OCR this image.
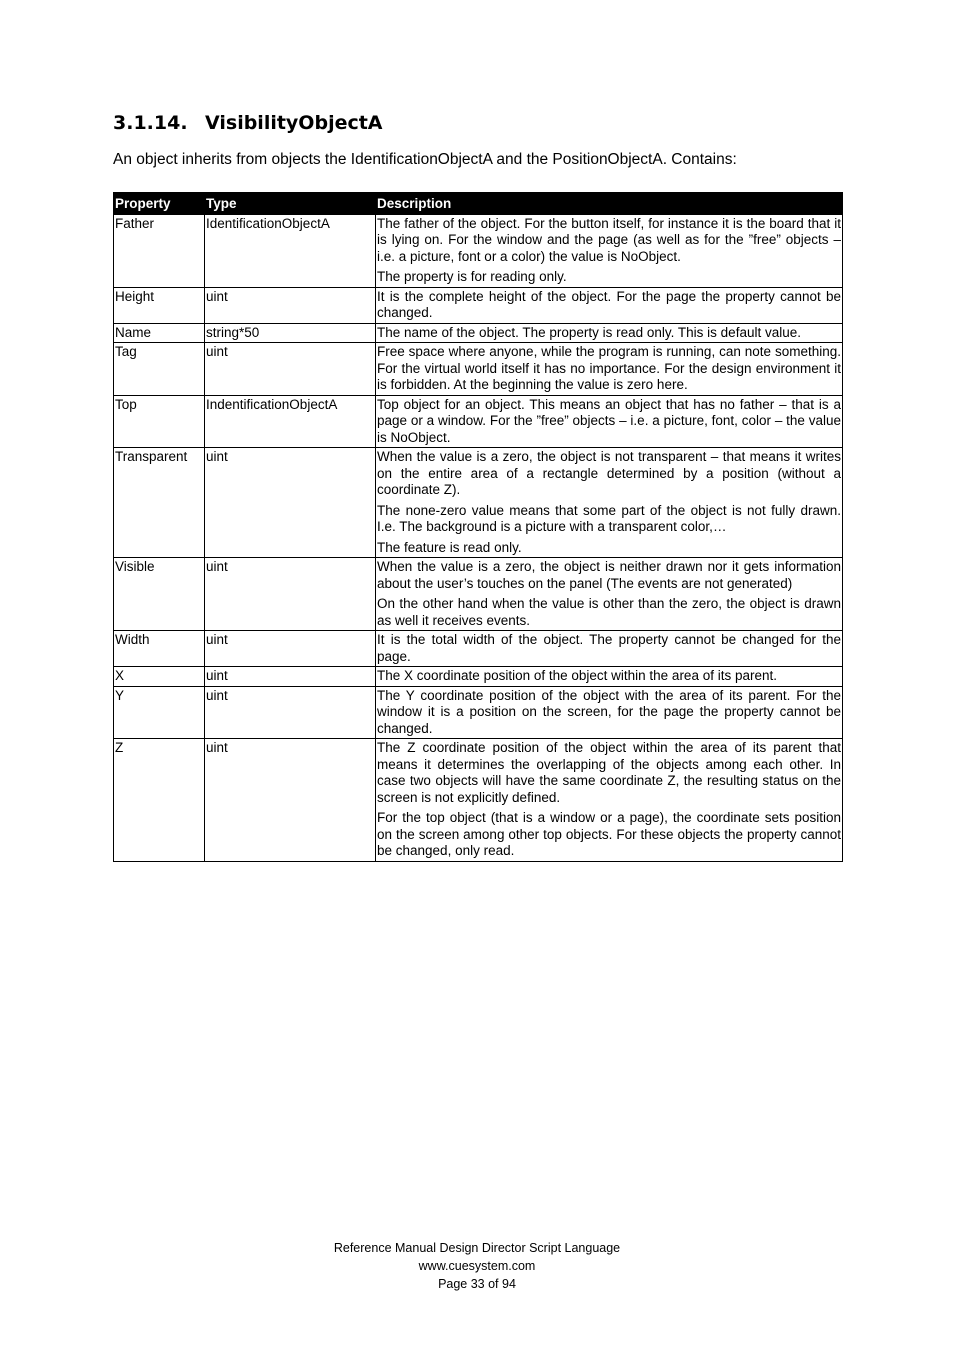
3.1.14. VisibilityObjectA

An object inherits from objects the IdentificationObjectA and the PositionObjectA. Contains:

Property	Type	Description
Father	IdentificationObjectA	The father of the object. For the button itself, for instance it is the board that it is lying on. For the window and the page (as well as for the ”free” objects – i.e. a picture, font or a color) the value is NoObject.

The property is for reading only.

Height	uint	It is the complete height of the object. For the page the property cannot be changed.

Name	string*50	The name of the object. The property is read only. This is default value.

Tag	uint	Free space where anyone, while the program is running, can note something. For the virtual world itself it has no importance. For the design environment it is forbidden. At the beginning the value is zero here.

Top	IndentificationObjectA	Top object for an object. This means an object that has no father – that is a page or a window. For the ”free” objects – i.e. a picture, font, color – the value is NoObject.

Transparent	uint	When the value is a zero, the object is not transparent – that means it writes on the entire area of a rectangle determined by a position (without a coordinate Z).

The none-zero value means that some part of the object is not fully drawn. I.e. The background is a picture with a transparent color,…

The feature is read only.

Visible	uint	When the value is a zero, the object is neither drawn nor it gets information about the user’s touches on the panel (The events are not generated)

On the other hand when the value is other than the zero, the object is drawn as well it receives events.

Width	uint	It is the total width of the object. The property cannot be changed for the page.

X	uint	The X coordinate position of the object within the area of its parent.

Y	uint	The Y coordinate position of the object with the area of its parent. For the window it is a position on the screen, for the page the property cannot be changed.

Z	uint	The Z coordinate position of the object within the area of its parent that means it determines the overlapping of the objects among each other. In case two objects will have the same coordinate Z, the resulting status on the screen is not explicitly defined.

For the top object (that is a window or a page), the coordinate sets position on the screen among other top objects. For these objects the property cannot be changed, only read.

Reference Manual Design Director Script Language
www.cuesystem.com
Page 33 of 94
